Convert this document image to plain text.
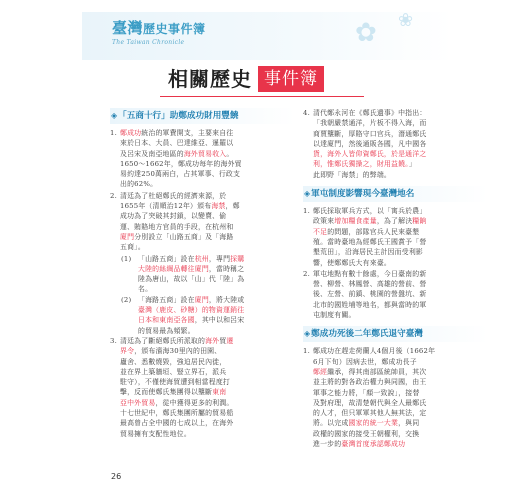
✿ ❀
臺灣歷史事件簿
The Taiwan Chronicle
相關歷史 事件簿
◈「五商十行」助鄭成功財用豐饒
1. 鄭成功統治的軍費開支，主要來自往
來於日本、大員、巴達維亞、暹羅以
及呂宋及南亞地區的海外貿易收入。
1650～1662年，鄭成功每年的海外貿
易約達250萬兩白，占其軍事、行政支
出的62%。
2. 清廷為了杜絕鄭氏的經濟來源，於
1655年（清順治12年）頒布海禁，鄭
成功為了突破其封鎖，以變賣、偷
運、賄賂地方官員的手段，在杭州和
廈門分別設立「山路五商」及「海路
五商」。
(1) 「山路五商」設在杭州，專門採購
大陸的絲綢品轉往廈門，當時稱之
陸為唐山，故以「山」代「陸」為
名。
(2) 「海路五商」設在廈門，將大陸或
臺灣（鹿皮、砂糖）的物資運銷往
日本和東南亞各國，其中以和呂宋
的貿易最為頻繁。
3. 清廷為了斷絕鄭氏所派取的海外貿遷
界令，頒布濱海30里內的田園、
廬舍、悉數燒毀，強迫居民內徙，
並在界上築牆垣、豎立界石，派兵
駐守），不僅使海貿遭到相當程度打
擊，反而使鄭氏集團得以壟斷東南
亞中外貿易，從中獲得更多的利潤。
十七世紀中，鄭氏集團所屬的貿易船
最高曾占全中國的七成以上，在海外
貿易擁有支配性地位。
4. 清代鄭永河在《鄭氏遺事》中指出：
「我朝嚴禁通洋，片板不得入海，而
商賈壟斷，厚賂守口官兵，潛通鄭氏
以達廈門，然後通販各國，凡中國各
貨，海外人皆仰資鄭氏，於是通洋之
利，惟鄭氏獨操之，財用益饒。」
此即野「海禁」的弊端。
◈軍屯制度影響現今臺灣地名
1. 鄭氏採取軍兵方式，以「寓兵於農」
政策來增加糧食產量，為了解決糧餉
不足的問題，部隊官兵人民來臺墾
殖。當時臺地為經鄭氏王國賞予「營
墾荒田」，沿海居民主計因而受利影
響，使鄭鄭氏大有來臺。
2. 軍屯地點有數十餘處，今日臺南的新
營、柳營、林鳳營、高雄的營前、營
後、左營、前鎮、桃園的營盤坑、新
北市的國姓埔等地名，都與當時的軍
屯制度有關。
◈鄭成功死後二年鄭氏退守臺灣
1. 鄭成功在趕走荷蘭人4個月後（1662年
6月下旬）因病去世，鄭成功長子
鄭經繼承，得其南部區統帥員，其次
並主將的對各政治權力與同國，由王
軍事之能力將，「顏一致說」，接替
及對府理，故清楚朝代與全人最鄭氏
的人才，但只軍軍其他人無其法，定
將。以完成國家的統一大業，與同
政權的國家的接受王朝權利，交換
進一步的臺灣首度承認鄭成功
26
